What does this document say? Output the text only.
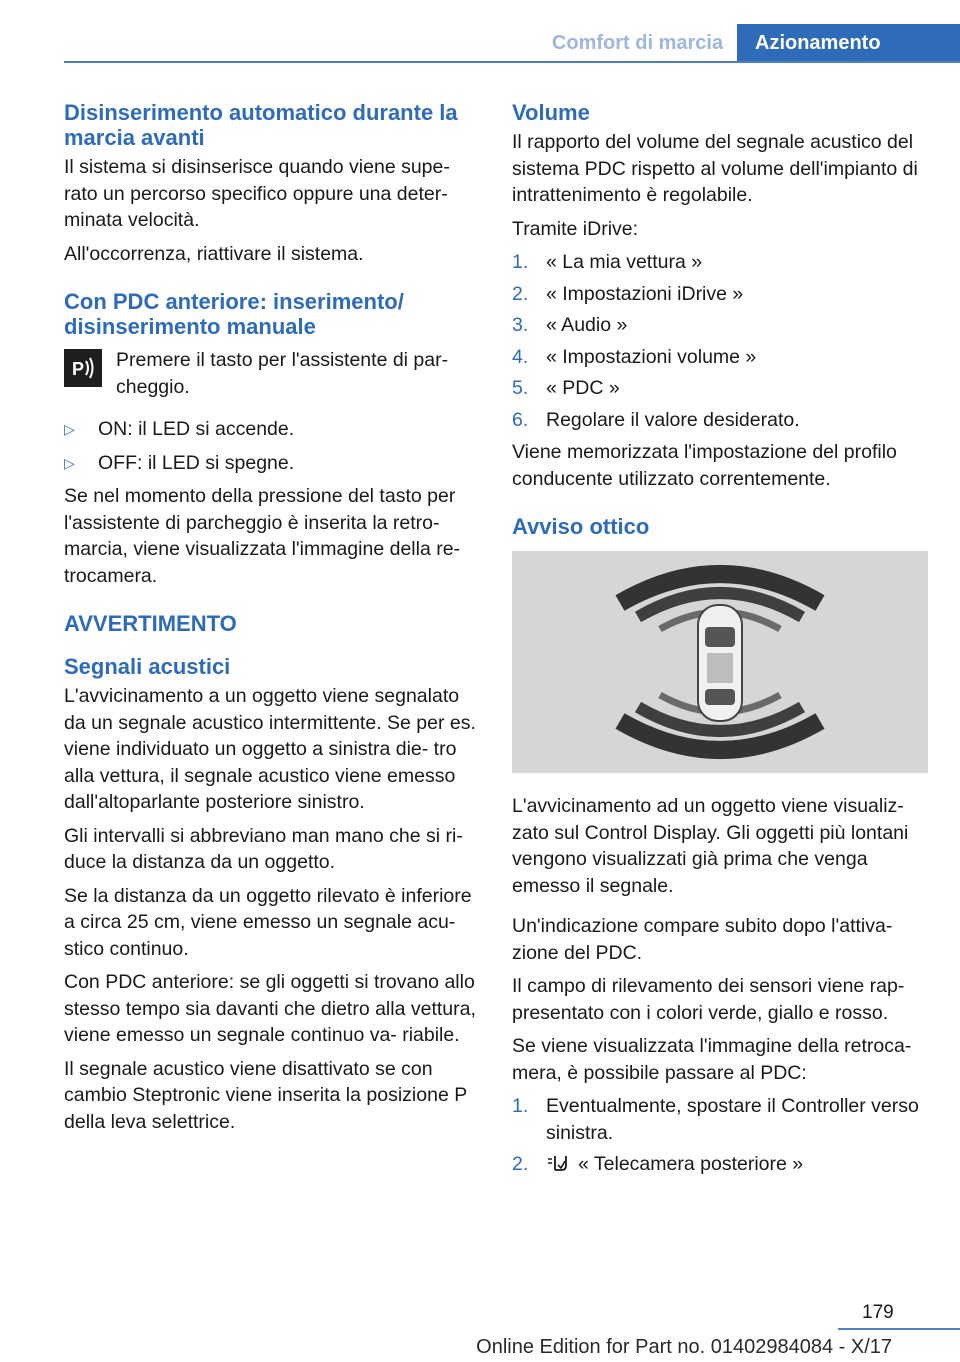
Comfort di marcia	Azionamento
Disinserimento automatico durante la marcia avanti

Il sistema si disinserisce quando viene supe- rato un percorso specifico oppure una deter- minata velocità.

All'occorrenza, riattivare il sistema.

Con PDC anteriore: inserimento/ disinserimento manuale
P Premere il tasto per l'assistente di par- cheggio.
▷	ON: il LED si accende.
▷	OFF: il LED si spegne.

Se nel momento della pressione del tasto per l'assistente di parcheggio è inserita la retro- marcia, viene visualizzata l'immagine della re- trocamera.

AVVERTIMENTO
Segnali acustici

L'avvicinamento a un oggetto viene segnalato da un segnale acustico intermittente. Se per es. viene individuato un oggetto a sinistra die- tro alla vettura, il segnale acustico viene emesso dall'altoparlante posteriore sinistro.

Gli intervalli si abbreviano man mano che si ri- duce la distanza da un oggetto.

Se la distanza da un oggetto rilevato è inferiore a circa 25 cm, viene emesso un segnale acu- stico continuo.

Con PDC anteriore: se gli oggetti si trovano allo stesso tempo sia davanti che dietro alla vettura, viene emesso un segnale continuo va- riabile.

Il segnale acustico viene disattivato se con cambio Steptronic viene inserita la posizione P della leva selettrice.

Volume

Il rapporto del volume del segnale acustico del sistema PDC rispetto al volume dell'impianto di intrattenimento è regolabile.

Tramite iDrive:

1. « La mia vettura »
2. « Impostazioni iDrive »
3. « Audio »
4. « Impostazioni volume »
5. « PDC »
6. Regolare il valore desiderato.

Viene memorizzata l'impostazione del profilo conducente utilizzato correntemente.

Avviso ottico

L'avvicinamento ad un oggetto viene visualiz- zato sul Control Display. Gli oggetti più lontani vengono visualizzati già prima che venga emesso il segnale.

Un'indicazione compare subito dopo l'attiva- zione del PDC.

Il campo di rilevamento dei sensori viene rap- presentato con i colori verde, giallo e rosso.

Se viene visualizzata l'immagine della retroca- mera, è possibile passare al PDC:

1. Eventualmente, spostare il Controller verso sinistra.
2.	« Telecamera posteriore »
179
Online Edition for Part no. 01402984084 - X/17
